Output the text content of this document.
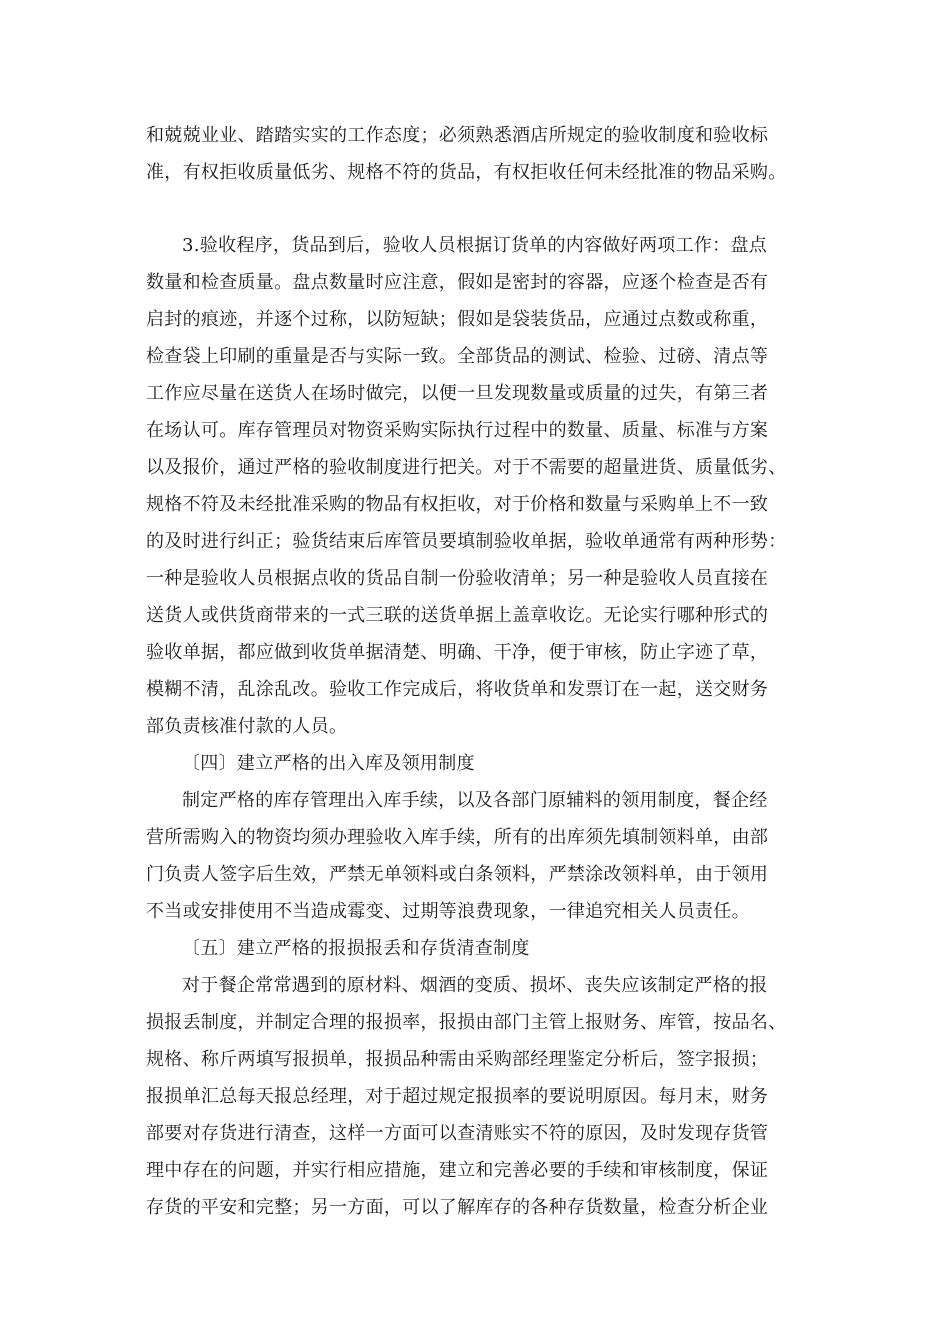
和兢兢业业、踏踏实实的工作态度；必须熟悉酒店所规定的验收制度和验收标
准，有权拒收质量低劣、规格不符的货品，有权拒收任何未经批准的物品采购。
3.验收程序，货品到后，验收人员根据订货单的内容做好两项工作：盘点
数量和检查质量。盘点数量时应注意，假如是密封的容器，应逐个检查是否有
启封的痕迹，并逐个过称，以防短缺；假如是袋装货品，应通过点数或称重，
检查袋上印刷的重量是否与实际一致。全部货品的测试、检验、过磅、清点等
工作应尽量在送货人在场时做完，以便一旦发现数量或质量的过失，有第三者
在场认可。库存管理员对物资采购实际执行过程中的数量、质量、标准与方案
以及报价，通过严格的验收制度进行把关。对于不需要的超量进货、质量低劣、
规格不符及未经批准采购的物品有权拒收，对于价格和数量与采购单上不一致
的及时进行纠正；验货结束后库管员要填制验收单据，验收单通常有两种形势：
一种是验收人员根据点收的货品自制一份验收清单；另一种是验收人员直接在
送货人或供货商带来的一式三联的送货单据上盖章收讫。无论实行哪种形式的
验收单据，都应做到收货单据清楚、明确、干净，便于审核，防止字迹了草，
模糊不清，乱涂乱改。验收工作完成后，将收货单和发票订在一起，送交财务
部负责核准付款的人员。
〔四〕建立严格的出入库及领用制度
制定严格的库存管理出入库手续，以及各部门原辅料的领用制度，餐企经
营所需购入的物资均须办理验收入库手续，所有的出库须先填制领料单，由部
门负责人签字后生效，严禁无单领料或白条领料，严禁涂改领料单，由于领用
不当或安排使用不当造成霉变、过期等浪费现象，一律追究相关人员责任。
〔五〕建立严格的报损报丢和存货清查制度
对于餐企常常遇到的原材料、烟酒的变质、损坏、丧失应该制定严格的报
损报丢制度，并制定合理的报损率，报损由部门主管上报财务、库管，按品名、
规格、称斤两填写报损单，报损品种需由采购部经理鉴定分析后，签字报损；
报损单汇总每天报总经理，对于超过规定报损率的要说明原因。每月末，财务
部要对存货进行清查，这样一方面可以查清账实不符的原因，及时发现存货管
理中存在的问题，并实行相应措施，建立和完善必要的手续和审核制度，保证
存货的平安和完整；另一方面，可以了解库存的各种存货数量，检查分析企业
